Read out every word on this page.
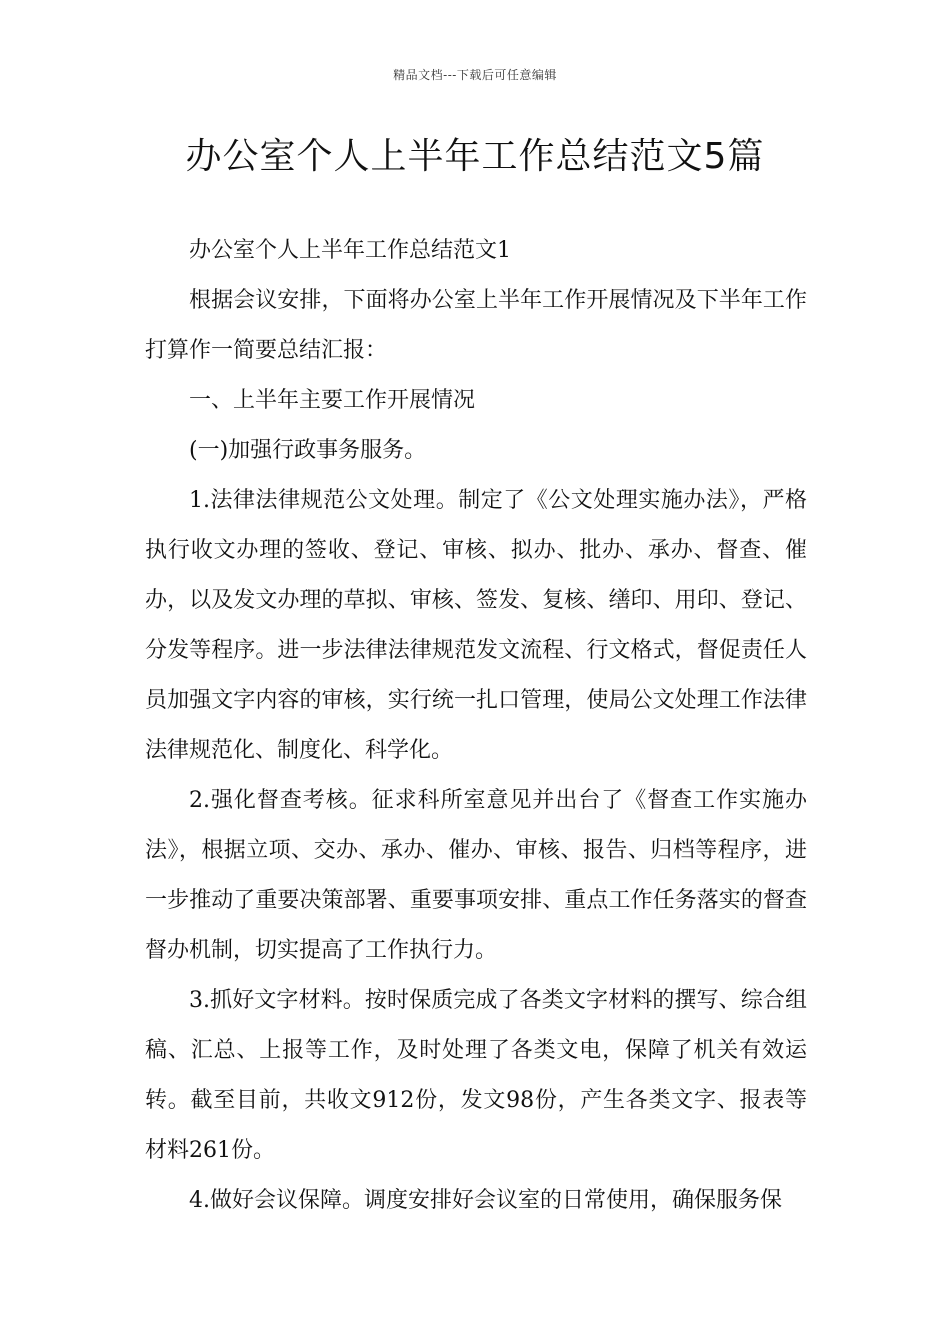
精品文档---下载后可任意编辑
办公室个人上半年工作总结范文5篇

办公室个人上半年工作总结范文1

根据会议安排，下面将办公室上半年工作开展情况及下半年工作打算作一简要总结汇报：

一、上半年主要工作开展情况

(一)加强行政事务服务。

1.法律法律规范公文处理。制定了《公文处理实施办法》，严格执行收文办理的签收、登记、审核、拟办、批办、承办、督查、催办，以及发文办理的草拟、审核、签发、复核、缮印、用印、登记、分发等程序。进一步法律法律规范发文流程、行文格式，督促责任人员加强文字内容的审核，实行统一扎口管理，使局公文处理工作法律法律规范化、制度化、科学化。

2.强化督查考核。征求科所室意见并出台了《督查工作实施办法》，根据立项、交办、承办、催办、审核、报告、归档等程序，进一步推动了重要决策部署、重要事项安排、重点工作任务落实的督查督办机制，切实提高了工作执行力。

3.抓好文字材料。按时保质完成了各类文字材料的撰写、综合组稿、汇总、上报等工作，及时处理了各类文电，保障了机关有效运转。截至目前，共收文912份，发文98份，产生各类文字、报表等材料261份。

4.做好会议保障。调度安排好会议室的日常使用，确保服务保
